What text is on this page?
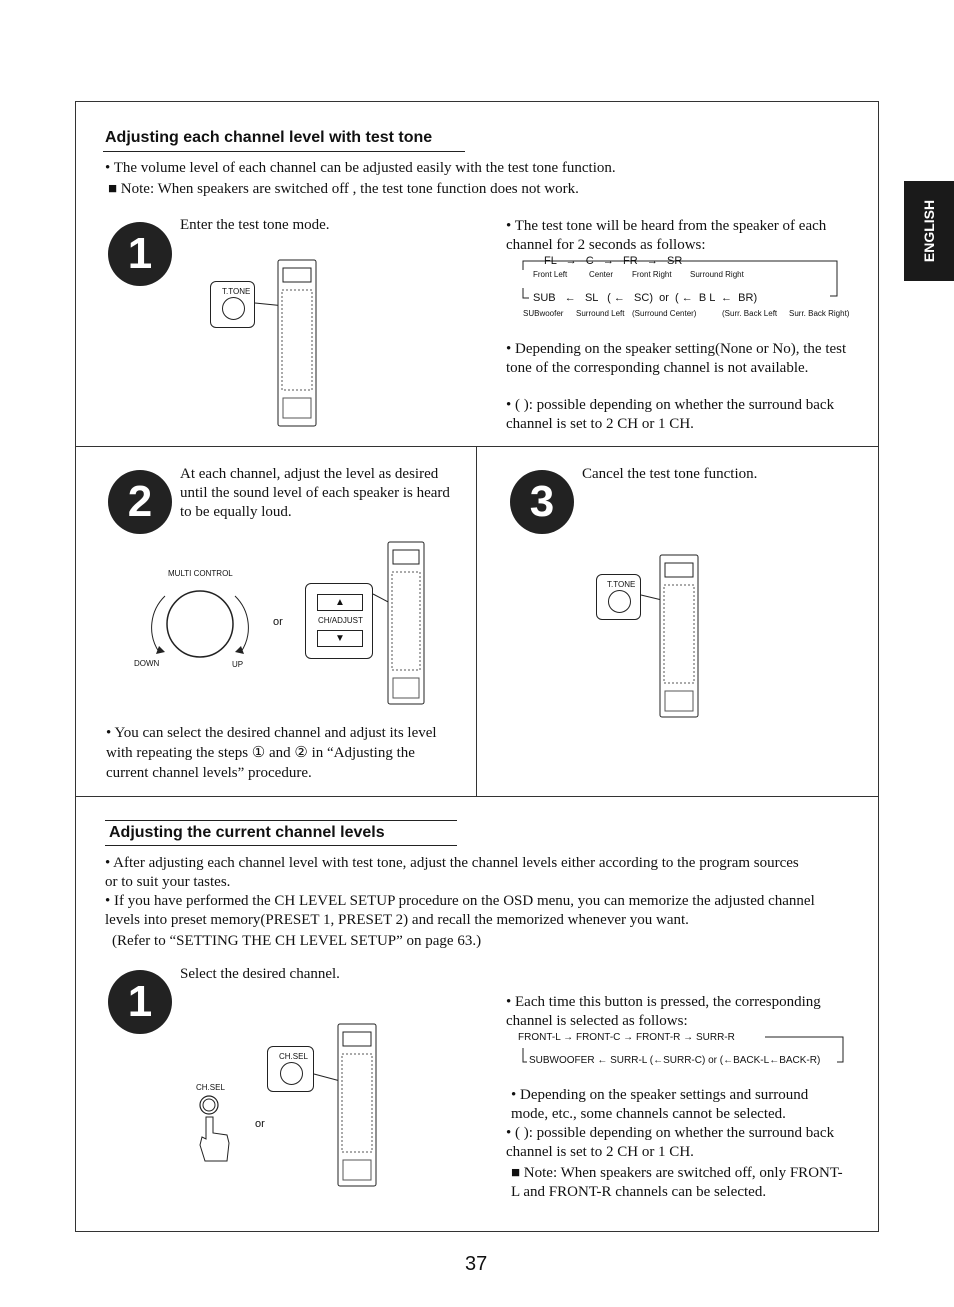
ENGLISH
Adjusting each channel level with test tone
• The volume level of each channel can be adjusted easily with the test tone function.
■ Note: When speakers are switched off , the test tone function does not work.
1
Enter the test tone mode.
T.TONE
• The test tone will be heard from the speaker of each channel for 2 seconds as follows:
FL   →   C   →   FR   →   SR
Front Left	Center Front Right Surround Right
SUB   ←   SL   ( ←   SC)  or  ( ←  B L  ←  BR)
SUBwoofer Surround Left (Surround Center)	(Surr. Back Left Surr. Back Right)
• Depending on the speaker setting(None or No), the test tone of the corresponding channel is not available.
• ( ): possible depending on whether the surround back channel is set to 2 CH or 1 CH.
2
At each channel, adjust the level as desired until the sound level of each speaker is heard to be equally loud.
MULTI CONTROL
DOWN	UP
or
▲
CH/ADJUST
▼
• You can select the desired channel and adjust its level with repeating the steps ① and ② in “Adjusting the current channel levels” procedure.
3
Cancel the test tone function.
T.TONE
Adjusting the current channel levels
• After adjusting each channel level with test tone, adjust the channel levels either according to the program sources or to suit your tastes.
• If you have performed the CH LEVEL SETUP procedure on the OSD menu, you can memorize the adjusted channel levels into preset memory(PRESET 1, PRESET 2) and recall the memorized whenever you want.
(Refer to “SETTING THE CH LEVEL SETUP” on page 63.)
1
Select the desired channel.
CH.SEL
or
CH.SEL
• Each time this button is pressed, the corresponding channel is selected as follows:
FRONT-L → FRONT-C → FRONT-R → SURR-R
SUBWOOFER ← SURR-L (←SURR-C) or (←BACK-L←BACK-R)
• Depending on the speaker settings and surround mode, etc., some channels cannot be selected.
• ( ): possible depending on whether the surround back channel is set to 2 CH or 1 CH.
■ Note: When speakers are switched off, only FRONT-L and FRONT-R channels can be selected.
37
